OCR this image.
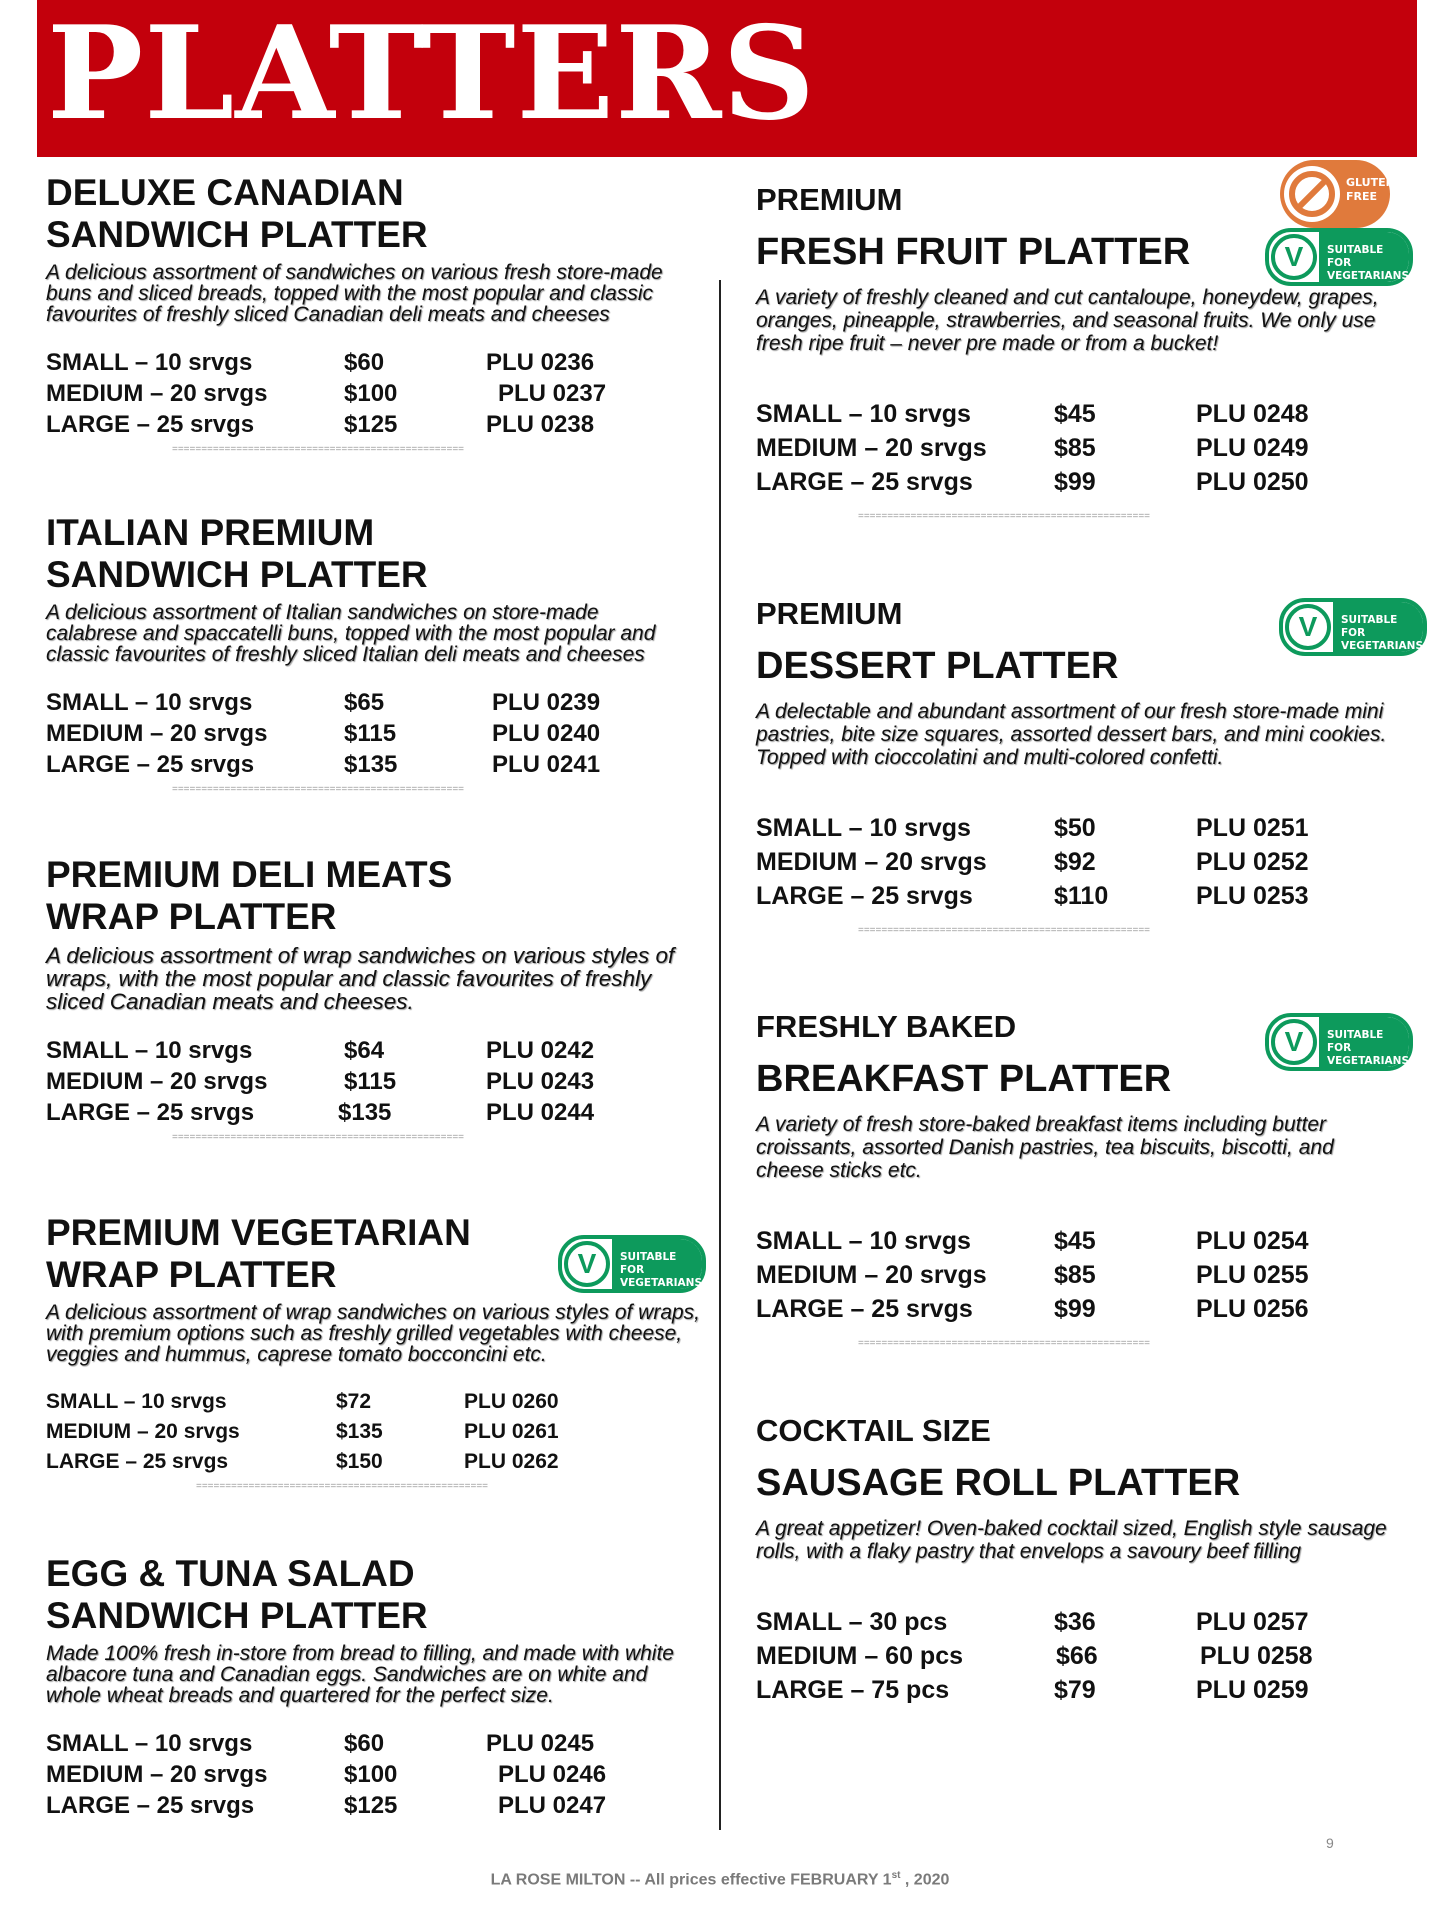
PLATTERS
DELUXE CANADIAN
SANDWICH PLATTER
A delicious assortment of sandwiches on various fresh store-made buns and sliced breads, topped with the most popular and classic favourites of freshly sliced Canadian deli meats and cheeses
SMALL – 10 srvgs	$60	PLU 0236
MEDIUM – 20 srvgs	$100	PLU 0237
LARGE – 25 srvgs	$125	PLU 0238
==================================================
ITALIAN PREMIUM
SANDWICH PLATTER
A delicious assortment of Italian sandwiches on store-made calabrese and spaccatelli buns, topped with the most popular and classic favourites of freshly sliced Italian deli meats and cheeses
SMALL – 10 srvgs	$65	PLU 0239
MEDIUM – 20 srvgs	$115	PLU 0240
LARGE – 25 srvgs	$135	PLU 0241
==================================================
PREMIUM DELI MEATS
WRAP PLATTER
A delicious assortment of wrap sandwiches on various styles of wraps, with the most popular and classic favourites of freshly sliced Canadian meats and cheeses.
SMALL – 10 srvgs	$64	PLU 0242
MEDIUM – 20 srvgs	$115	PLU 0243
LARGE – 25 srvgs	$135	PLU 0244
==================================================
PREMIUM VEGETARIAN
WRAP PLATTER
A delicious assortment of wrap sandwiches on various styles of wraps, with premium options such as freshly grilled vegetables with cheese, veggies and hummus, caprese tomato bocconcini etc.
SMALL – 10 srvgs	$72	PLU 0260
MEDIUM – 20 srvgs	$135	PLU 0261
LARGE – 25 srvgs	$150	PLU 0262
==================================================
EGG & TUNA SALAD
SANDWICH PLATTER
Made 100% fresh in-store from bread to filling, and made with white albacore tuna and Canadian eggs. Sandwiches are on white and whole wheat breads and quartered for the perfect size.
SMALL – 10 srvgs	$60	PLU 0245
MEDIUM – 20 srvgs	$100	PLU 0246
LARGE – 25 srvgs	$125	PLU 0247
PREMIUM
FRESH FRUIT PLATTER
A variety of freshly cleaned and cut cantaloupe, honeydew, grapes, oranges, pineapple, strawberries, and seasonal fruits. We only use fresh ripe fruit – never pre made or from a bucket!
SMALL – 10 srvgs	$45	PLU 0248
MEDIUM – 20 srvgs	$85	PLU 0249
LARGE – 25 srvgs	$99	PLU 0250
==================================================
PREMIUM
DESSERT PLATTER
A delectable and abundant assortment of our fresh store-made mini pastries, bite size squares, assorted dessert bars, and mini cookies. Topped with cioccolatini and multi-colored confetti.
SMALL – 10 srvgs	$50	PLU 0251
MEDIUM – 20 srvgs	$92	PLU 0252
LARGE – 25 srvgs	$110	PLU 0253
==================================================
FRESHLY BAKED
BREAKFAST PLATTER
A variety of fresh store-baked breakfast items including butter croissants, assorted Danish pastries, tea biscuits, biscotti, and cheese sticks etc.
SMALL – 10 srvgs	$45	PLU 0254
MEDIUM – 20 srvgs	$85	PLU 0255
LARGE – 25 srvgs	$99	PLU 0256
==================================================
COCKTAIL SIZE
SAUSAGE ROLL PLATTER
A great appetizer! Oven-baked cocktail sized, English style sausage rolls, with a flaky pastry that envelops a savoury beef filling
SMALL – 30 pcs	$36	PLU 0257
MEDIUM – 60 pcs	$66	PLU 0258
LARGE – 75 pcs	$79	PLU 0259
GLUTEN
FREE
V	SUITABLE FOR
VEGETARIANS
V	SUITABLE FOR
VEGETARIANS
V	SUITABLE FOR
VEGETARIANS
V	SUITABLE FOR
VEGETARIANS
9
LA ROSE MILTON -- All prices effective FEBRUARY 1st , 2020
